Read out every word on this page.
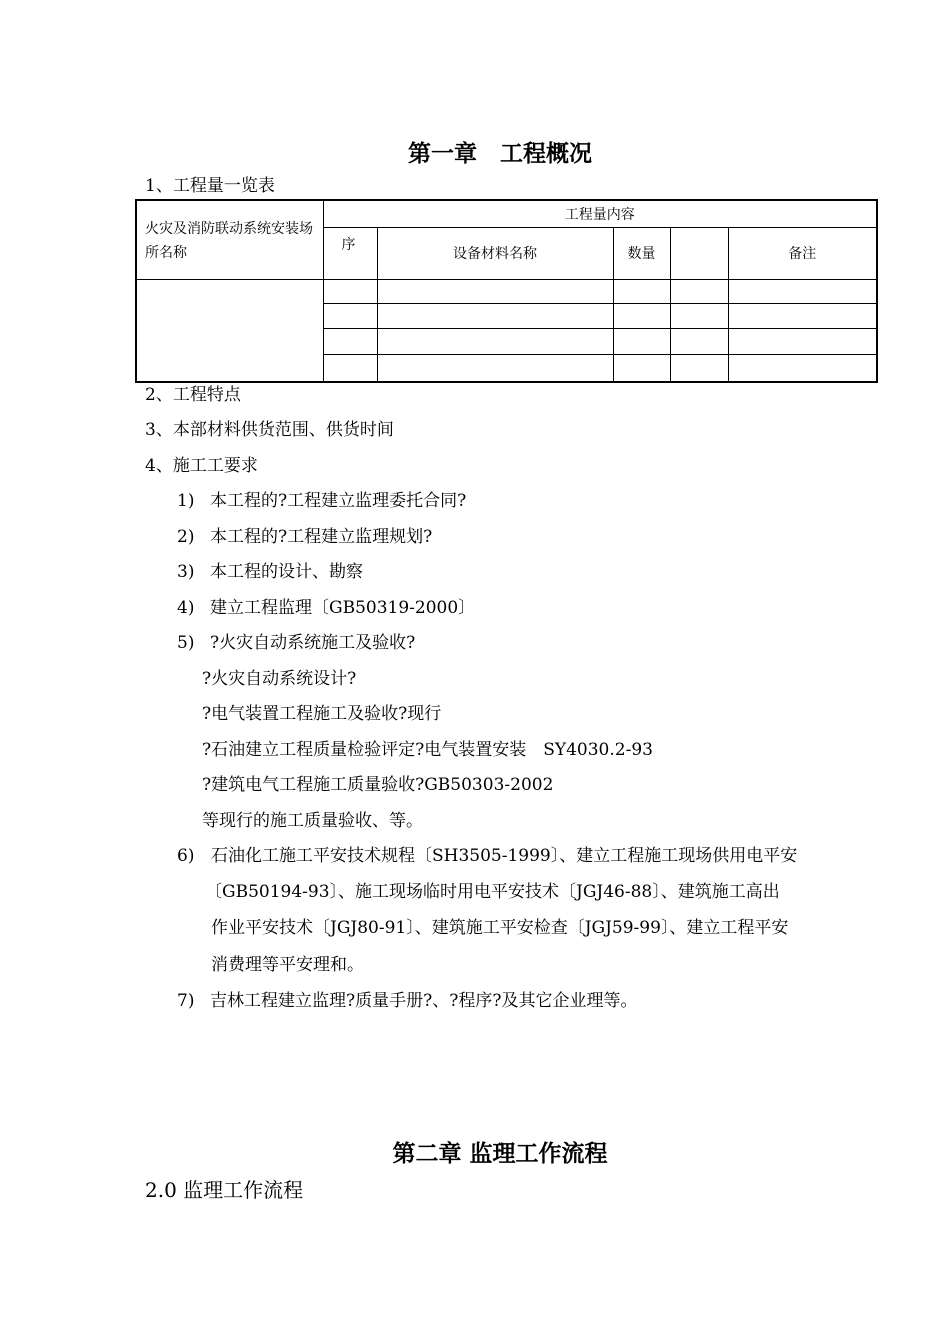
第一章　工程概况
1、工程量一览表
火灾及消防联动系统安装场所名称	工程量内容				
	序	设备材料名称	数量		备注

2、工程特点
3、本部材料供货范围、供货时间
4、施工工要求
1) 本工程的?工程建立监理委托合同?
2) 本工程的?工程建立监理规划?
3) 本工程的设计、勘察
4) 建立工程监理〔GB50319-2000〕
5) ?火灾自动系统施工及验收?
?火灾自动系统设计?
?电气装置工程施工及验收?现行
?石油建立工程质量检验评定?电气装置安装　SY4030.2-93
?建筑电气工程施工质量验收?GB50303-2002
等现行的施工质量验收、等。
6) 石油化工施工平安技术规程〔SH3505-1999〕、建立工程施工现场供用电平安
〔GB50194-93〕、施工现场临时用电平安技术〔JGJ46-88〕、建筑施工高出
作业平安技术〔JGJ80-91〕、建筑施工平安检查〔JGJ59-99〕、建立工程平安
消费理等平安理和。
7) 吉林工程建立监理?质量手册?、?程序?及其它企业理等。
第二章 监理工作流程
2.0 监理工作流程
